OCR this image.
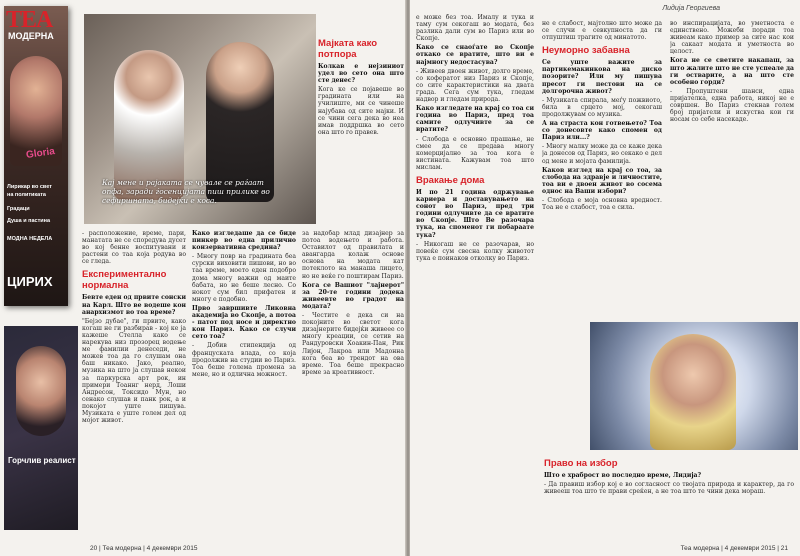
ТЕА
МОДЕРНА
Gloria
Лирикар во свет
на политиката
Градаци
Душа и пастина
МОДНА НЕДЕЛА
ЦИРИХ
Кај мене и рајаката се чувале се раѓаат опфа, заради ѓосенцијата пиш прилике во сефиршната, бидејќи е коса.
Мајката како потпора

Колкав е нејзиниот удел во сето она што сте денес?

Кога ке се појавеше во градината или на училиште, ми се чинеше најубава од сите мајки. И се чини сега дека во неа имав поддршка во сето она што го правев.

Горчлив реалист

- расположение, време, пари, манатата не се споредува дусет во кој бенне воспитувани и растени со таа која родува во се гледа.

Експериментално нормална

Бевте еден од првите сонски на Карл. Што ве водеше кон анархизмот во тоа време?

"Бејзо дубае", ги првите, како когаш не ги разбирав - кој ке ја кажеше Стелла како се нарекува низ прозорец водење ме фамилии денеседи, не можев тоа да го слушам она баш никако. Јако, реално, музика на што ја слушав некои за паркурска арт рок, ин примери Тоаннг нерд, Лоши Андресон, Токсидо Мун, но сенако слушав и панк рок, а и покојот уште пишува. Музиката е уште голем дел од мојот живот.

Како изгледаше да се биде пинкер во една прилично конзервативна средина?

- Многу повр на градината беа сурски виховити пишови, но во таа време, моето еден подобро дома многу важни од маите бабата, но не беше лесно. Со нокот сум бил прифатен и многу е подобно.

Прво завршивте Ликовна академија во Скопје, а потоа - патот под носе и директно кон Париз. Како се случи сето тоа?

- Добив стипендија од француската влада, со која продолжив на студии во Париз. Тоа беше голема промена за мене, но и одлична можност.

за надобар млад дизајнер за потоа водењето и работа. Оставилот од правилата и авангарда колаж основе основа на модата кат потеклото на манаша лицето, но не веќе го поштирам Париз.

Кога се Вашиот "лајнерот" за 20-те години додека живеевте во градот на модата?

- Честите е дека си на покојните во светот кога дизајнерите бидејќи живеее со многу креации, се сетив на Рандуровски Хоакин-Пан, Рик Лијон, Лакроа или Мадонна кога беа во трендот на ова време. Тоа беше прекрасно време за креативност.

20 | Теа модерна | 4 декември 2015
Лидија Георгиева

е може без тоа. Ималу и тука и таму сум секогаш во модата, без разлика дали сум во Париз или во Скопје.

Како се снаоѓате во Скопје откако се вратите, што ви е најмногу недостасува?

- Живеев двоен живот, долго време, со кофератот низ Париз и Скопје, со сите карактеристики на двата града. Сега сум тука, гледам надвор и гледам природа.

Како изгледате на крај со тоа си година во Париз, пред тоа самите одлучивте за се вратите?

- Слобода е основно прашање, не смее да се предава многу комерцијално за тоа кога е вистината. Кажувам тоа што мислам.

Вракање дома

И по 21 година одржување кариера и доставувањето на сонот во Париз, пред три години одлучивте да се вратите во Скопје. Што Ве разочара тука, на споменот ги побараате тука?

- Никогаш не се разочарав, но повеќе сум свесна колку животот тука е поинаков отколку во Париз.

не е слабост, мајтолно што може да се случи е севкупноста да ги отпуштиш трагите од минатото.

Неуморно забавна

Се уште важите за партикемакинкова на диско позорите? Или му пишува пресот ги пестови на се долгорочна живот?

- Музиката спирала, меѓу пожвиото, била в срцето мој, секогаш продолжувам со музика.

А на страста кон готвењето? Тоа со донесовте како спомен од Париз или...?

- Многу малку може да се каже дека ја донесов од Париз, но секако е дел од мене и мојата фамилија.

Каков изглед на крај со тоа, за слобода на здравје и личностите, тоа ви е двоен живот во сосема однос на Ваши избори?

- Слобода е моја основна вредност. Тоа не е слабост, тоа е сила.

во инспирацијата, во уметноста е единствено. Можеби поради тоа живеам како пример за сите нас кои ја сакаат модата и уметноста во целост.

Кога не се светите накапаш, за што жалите што не сте успеале да ги остварите, а на што сте особено горди?

- Пропуштени шанси, една пријателка, една работа, никој не е совршен. Во Париз стекнав голем број пријатели и искуства кои ги носам со себе насекаде.

Право на избор

Што е храброст во последно време, Лидија?

- Да правиш избор кој е во согласност со твојата природа и карактер, да го живееш тоа што те прави среќен, а не тоа што те чини дека мораш.

Теа модерна | 4 декември 2015 | 21
